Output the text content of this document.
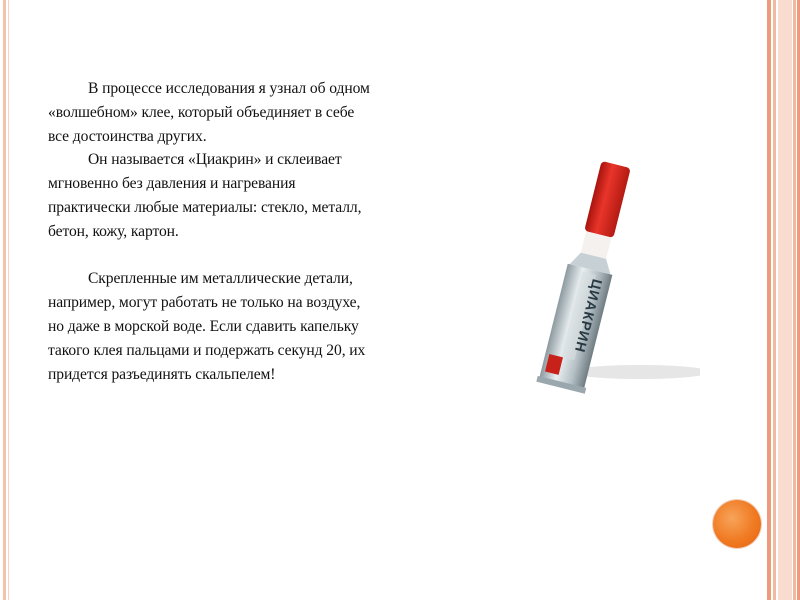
В процессе исследования я узнал об одном
«волшебном» клее, который объединяет в себе
все достоинства других.

Он называется «Циакрин» и склеивает
мгновенно без давления и нагревания
практически любые материалы: стекло, металл,
бетон, кожу, картон.

Скрепленные им металлические детали,
например, могут работать не только на воздухе,
но даже в морской воде. Если сдавить капельку
такого клея пальцами и подержать секунд 20, их
придется разъединять скальпелем!

ЦИАКРИН
